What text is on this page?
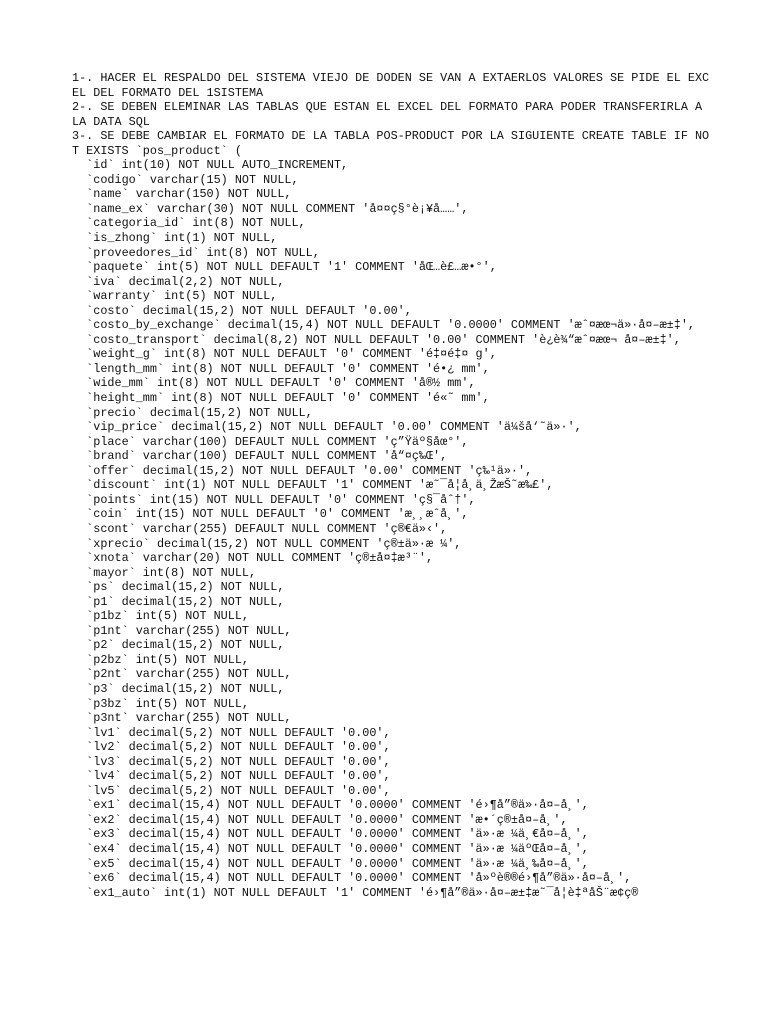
1-. HACER EL RESPALDO DEL SISTEMA VIEJO DE DODEN SE VAN A EXTAERLOS VALORES SE PIDE EL EXCEL DEL FORMATO DEL 1SISTEMA
2-. SE DEBEN ELEMINAR LAS TABLAS QUE ESTAN EL EXCEL DEL FORMATO PARA PODER TRANSFERIRLA A LA DATA SQL
3-. SE DEBE CAMBIAR EL FORMATO DE LA TABLA POS-PRODUCT POR LA SIGUIENTE CREATE TABLE IF NOT EXISTS `pos_product` (
`id` int(10) NOT NULL AUTO_INCREMENT,
`codigo` varchar(15) NOT NULL,
`name` varchar(150) NOT NULL,
`name_ex` varchar(30) NOT NULL COMMENT 'å¤¤ç§°è¡¥å……',
`categoria_id` int(8) NOT NULL,
`is_zhong` int(1) NOT NULL,
`proveedores_id` int(8) NOT NULL,
`paquete` int(5) NOT NULL DEFAULT '1' COMMENT 'åŒ…è£…æ•°',
`iva` decimal(2,2) NOT NULL,
`warranty` int(5) NOT NULL,
`costo` decimal(15,2) NOT NULL DEFAULT '0.00',
`costo_by_exchange` decimal(15,4) NOT NULL DEFAULT '0.0000' COMMENT 'æˆ¤æœ¬ä»·å¤–æ±‡',
`costo_transport` decimal(8,2) NOT NULL DEFAULT '0.00' COMMENT 'è¿è¾“æˆ¤æœ¬ å¤–æ±‡',
`weight_g` int(8) NOT NULL DEFAULT '0' COMMENT 'é‡¤é‡¤ g',
`length_mm` int(8) NOT NULL DEFAULT '0' COMMENT 'é•¿ mm',
`wide_mm` int(8) NOT NULL DEFAULT '0' COMMENT 'å®½ mm',
`height_mm` int(8) NOT NULL DEFAULT '0' COMMENT 'é«˜ mm',
`precio` decimal(15,2) NOT NULL,
`vip_price` decimal(15,2) NOT NULL DEFAULT '0.00' COMMENT 'ä¼šå‘˜ä»·',
`place` varchar(100) DEFAULT NULL COMMENT 'ç”Ÿäº§åœ°',
`brand` varchar(100) DEFAULT NULL COMMENT 'å“¤ç‰Œ',
`offer` decimal(15,2) NOT NULL DEFAULT '0.00' COMMENT 'ç‰¹ä»·',
`discount` int(1) NOT NULL DEFAULT '1' COMMENT 'æ˜¯å¦å¸ä¸ŽæŠ˜æ‰£',
`points` int(15) NOT NULL DEFAULT '0' COMMENT 'ç§¯åˆ†',
`coin` int(15) NOT NULL DEFAULT '0' COMMENT 'æ¸¸æˆå¸',
`scont` varchar(255) DEFAULT NULL COMMENT 'ç®€ä»‹',
`xprecio` decimal(15,2) NOT NULL COMMENT 'ç®±ä»·æ ¼',
`xnota` varchar(20) NOT NULL COMMENT 'ç®±å¤‡æ³¨',
`mayor` int(8) NOT NULL,
`ps` decimal(15,2) NOT NULL,
`p1` decimal(15,2) NOT NULL,
`p1bz` int(5) NOT NULL,
`p1nt` varchar(255) NOT NULL,
`p2` decimal(15,2) NOT NULL,
`p2bz` int(5) NOT NULL,
`p2nt` varchar(255) NOT NULL,
`p3` decimal(15,2) NOT NULL,
`p3bz` int(5) NOT NULL,
`p3nt` varchar(255) NOT NULL,
`lv1` decimal(5,2) NOT NULL DEFAULT '0.00',
`lv2` decimal(5,2) NOT NULL DEFAULT '0.00',
`lv3` decimal(5,2) NOT NULL DEFAULT '0.00',
`lv4` decimal(5,2) NOT NULL DEFAULT '0.00',
`lv5` decimal(5,2) NOT NULL DEFAULT '0.00',
`ex1` decimal(15,4) NOT NULL DEFAULT '0.0000' COMMENT 'é›¶å”®ä»·å¤–å¸',
`ex2` decimal(15,4) NOT NULL DEFAULT '0.0000' COMMENT 'æ•´ç®±å¤–å¸',
`ex3` decimal(15,4) NOT NULL DEFAULT '0.0000' COMMENT 'ä»·æ ¼ä¸€å¤–å¸',
`ex4` decimal(15,4) NOT NULL DEFAULT '0.0000' COMMENT 'ä»·æ ¼äºŒå¤–å¸',
`ex5` decimal(15,4) NOT NULL DEFAULT '0.0000' COMMENT 'ä»·æ ¼ä¸‰å¤–å¸',
`ex6` decimal(15,4) NOT NULL DEFAULT '0.0000' COMMENT 'å»ºè®®é›¶å”®ä»·å¤–å¸',
`ex1_auto` int(1) NOT NULL DEFAULT '1' COMMENT 'é›¶å”®ä»·å¤–æ±‡æ˜¯å¦è‡ªåŠ¨æ¢ç®
